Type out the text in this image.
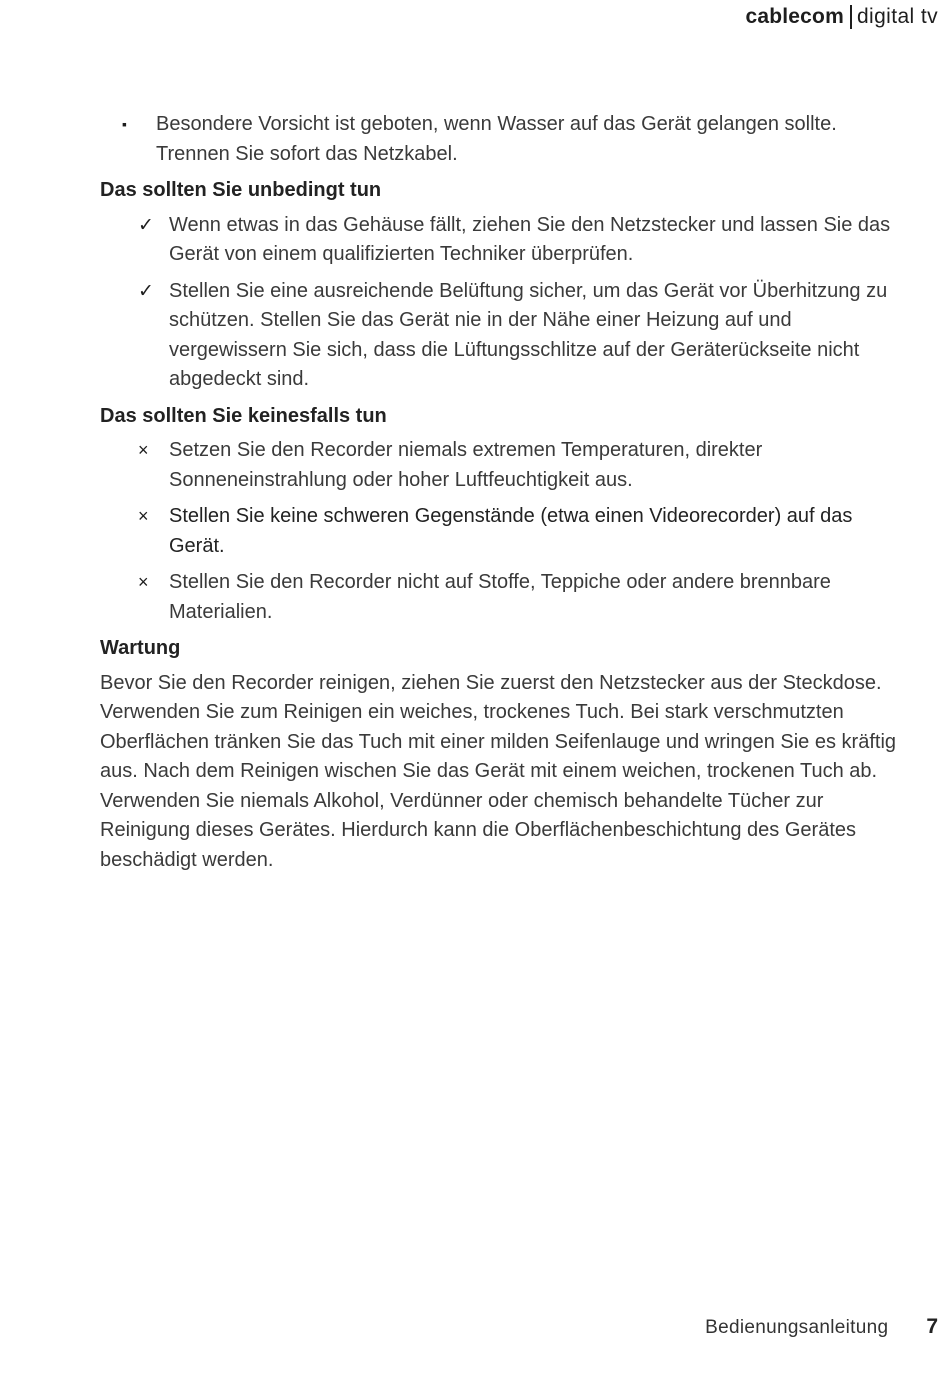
cablecom digital tv
▪ Besondere Vorsicht ist geboten, wenn Wasser auf das Gerät gelangen sollte. Trennen Sie sofort das Netzkabel.
Das sollten Sie unbedingt tun
✓ Wenn etwas in das Gehäuse fällt, ziehen Sie den Netzstecker und lassen Sie das Gerät von einem qualifizierten Techniker überprüfen.
✓ Stellen Sie eine ausreichende Belüftung sicher, um das Gerät vor Überhitzung zu schützen. Stellen Sie das Gerät nie in der Nähe einer Heizung auf und vergewissern Sie sich, dass die Lüftungsschlitze auf der Geräterückseite nicht abgedeckt sind.
Das sollten Sie keinesfalls tun
× Setzen Sie den Recorder niemals extremen Temperaturen, direkter Sonneneinstrahlung oder hoher Luftfeuchtigkeit aus.
× Stellen Sie keine schweren Gegenstände (etwa einen Videorecorder) auf das Gerät.
× Stellen Sie den Recorder nicht auf Stoffe, Teppiche oder andere brennbare Materialien.
Wartung

Bevor Sie den Recorder reinigen, ziehen Sie zuerst den Netzstecker aus der Steckdose. Verwenden Sie zum Reinigen ein weiches, trockenes Tuch. Bei stark verschmutzten Oberflächen tränken Sie das Tuch mit einer milden Seifenlauge und wringen Sie es kräftig aus. Nach dem Reinigen wischen Sie das Gerät mit einem weichen, trockenen Tuch ab. Verwenden Sie niemals Alkohol, Verdünner oder chemisch behandelte Tücher zur Reinigung dieses Gerätes. Hierdurch kann die Oberflächenbeschichtung des Gerätes beschädigt werden.

Bedienungsanleitung 7
